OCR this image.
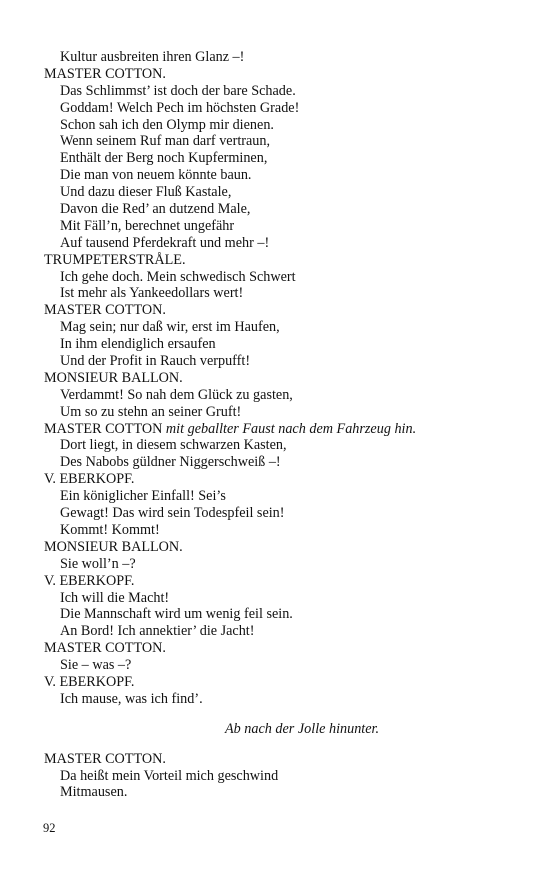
Kultur ausbreiten ihren Glanz –!
MASTER COTTON.
Das Schlimmst’ ist doch der bare Schade.
Goddam! Welch Pech im höchsten Grade!
Schon sah ich den Olymp mir dienen.
Wenn seinem Ruf man darf vertraun,
Enthält der Berg noch Kupferminen,
Die man von neuem könnte baun.
Und dazu dieser Fluß Kastale,
Davon die Red’ an dutzend Male,
Mit Fäll’n, berechnet ungefähr
Auf tausend Pferdekraft und mehr –!
TRUMPETERSTRÅLE.
Ich gehe doch. Mein schwedisch Schwert
Ist mehr als Yankeedollars wert!
MASTER COTTON.
Mag sein; nur daß wir, erst im Haufen,
In ihm elendiglich ersaufen
Und der Profit in Rauch verpufft!
MONSIEUR BALLON.
Verdammt! So nah dem Glück zu gasten,
Um so zu stehn an seiner Gruft!
MASTER COTTON mit geballter Faust nach dem Fahrzeug hin.
Dort liegt, in diesem schwarzen Kasten,
Des Nabobs güldner Niggerschweiß –!
V. EBERKOPF.
Ein königlicher Einfall! Sei’s
Gewagt! Das wird sein Todespfeil sein!
Kommt! Kommt!
MONSIEUR BALLON.
Sie woll’n –?
V. EBERKOPF.
Ich will die Macht!
Die Mannschaft wird um wenig feil sein.
An Bord! Ich annektier’ die Jacht!
MASTER COTTON.
Sie – was –?
V. EBERKOPF.
Ich mause, was ich find’.
Ab nach der Jolle hinunter.
MASTER COTTON.
Da heißt mein Vorteil mich geschwind
Mitmausen.
92
